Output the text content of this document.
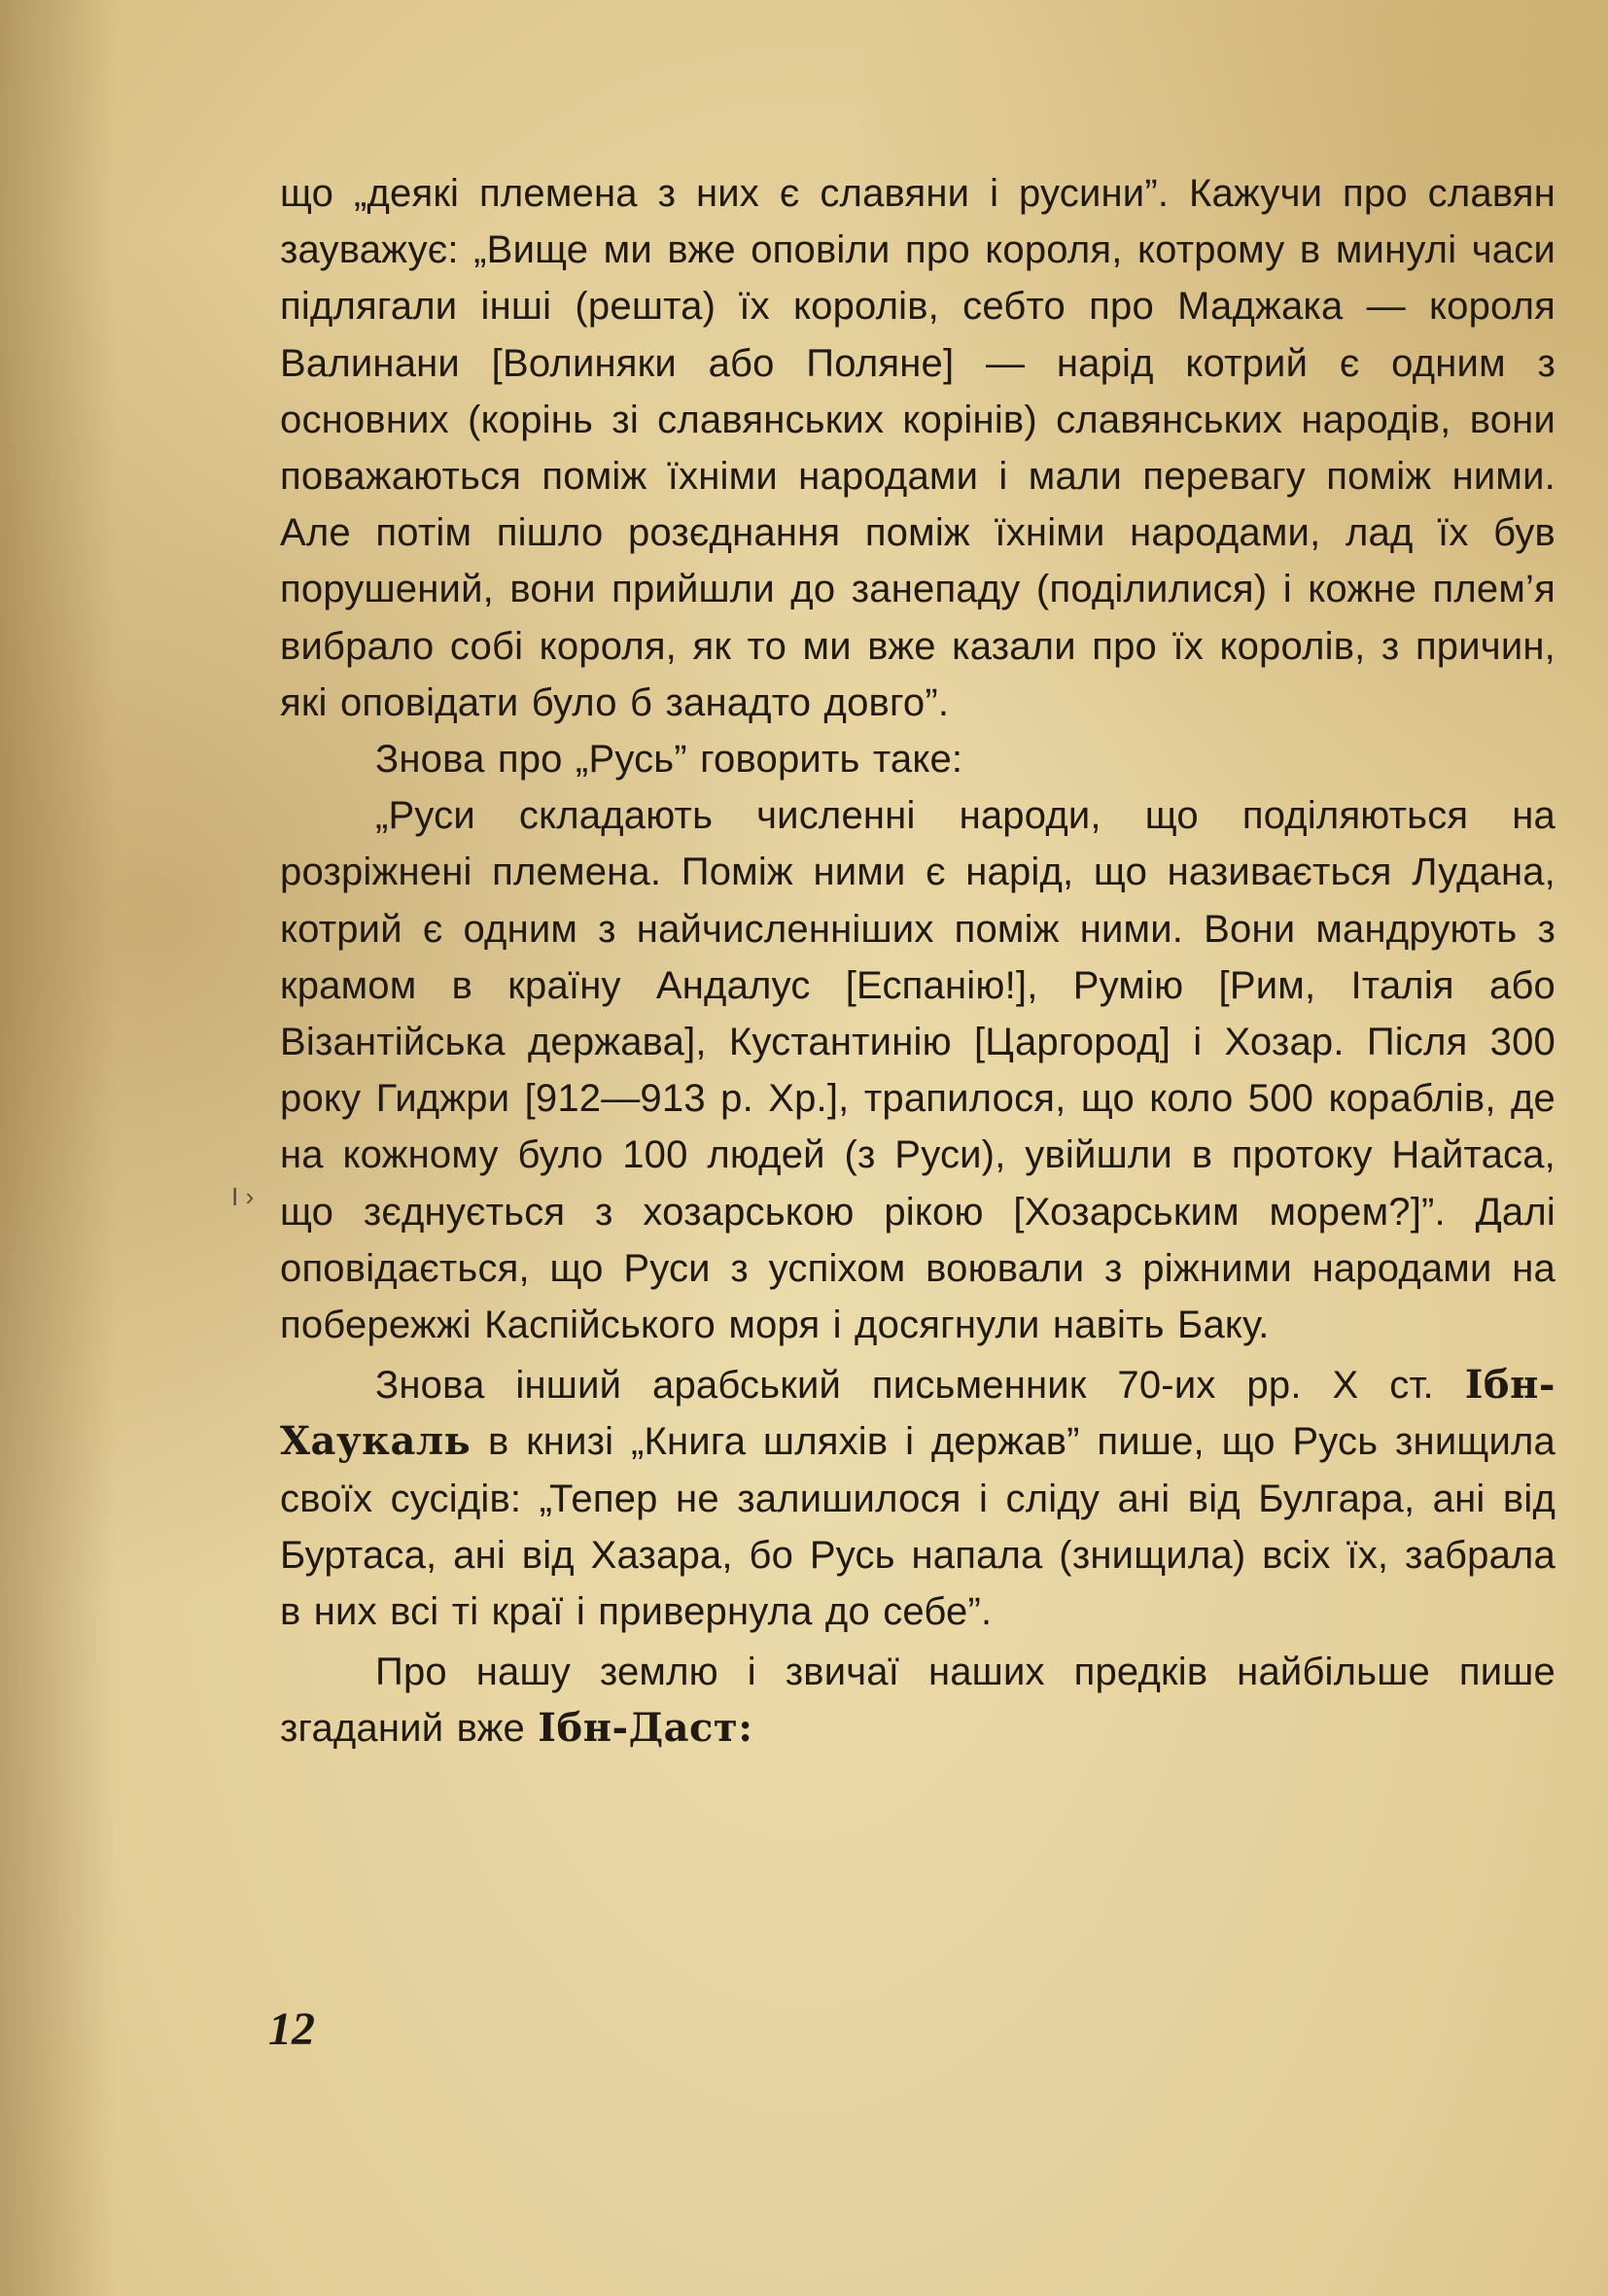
що „деякі племена з них є славяни і русини”. Кажучи про славян зауважує: „Вище ми вже оповіли про короля, котрому в минулі часи підлягали інші (решта) їх королів, себто про Маджака — короля Валинани [Волиняки або Поляне] — нарід котрий є одним з основних (корінь зі славянських корінів) славянських народів, вони поважаються поміж їхніми народами і мали перевагу поміж ними. Але потім пішло розєднання поміж їхніми народами, лад їх був порушений, вони прийшли до занепаду (поділилися) і кожне плем’я вибрало собі короля, як то ми вже казали про їх королів, з причин, які оповідати було б занадто довго”.

Знова про „Русь” говорить таке:

„Руси складають численні народи, що поділяються на розріжнені племена. Поміж ними є нарід, що називається Лудана, котрий є одним з найчисленніших поміж ними. Вони мандрують з крамом в країну Андалус [Еспанію!], Румію [Рим, Італія або Візантійська держава], Кустантинію [Царгород] і Хозар. Після 300 року Гиджри [912—913 р. Хр.], трапилося, що коло 500 кораблів, де на кожному було 100 людей (з Руси), увійшли в протоку Найтаса, що зєднується з хозарською рікою [Хозарським морем?]”. Далі оповідається, що Руси з успіхом воювали з ріжними народами на побережжі Каспійського моря і досягнули навіть Баку.

Знова інший арабський письменник 70-их рр. X ст. Ібн-Хаукаль в книзі „Книга шляхів і держав” пише, що Русь знищила своїх сусідів: „Тепер не залишилося і сліду ані від Булгара, ані від Буртаса, ані від Хазара, бо Русь напала (знищила) всіх їх, забрала в них всі ті краї і привернула до себе”.

Про нашу землю і звичаї наших предків найбільше пише згаданий вже Ібн-Даст:

I ›
12
